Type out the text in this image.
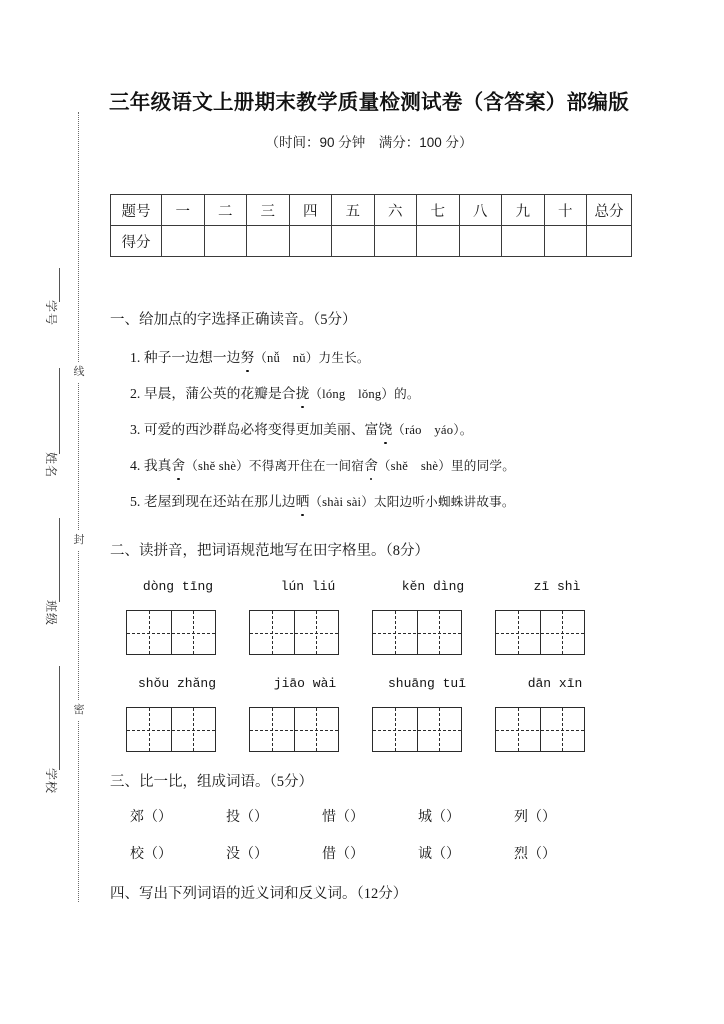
线
封
密
学号
姓名
班级
学校
三年级语文上册期末教学质量检测试卷（含答案）部编版
（时间：90 分钟　满分：100 分）
题号	一	二	三	四	五	六	七	八	九	十	总分
得分											
一、给加点的字选择正确读音。（5分）
1. 种子一边想一边努（nǚ nǔ）力生长。
2. 早晨，蒲公英的花瓣是合拢（lóng lǒng）的。
3. 可爱的西沙群岛必将变得更加美丽、富饶（ráo yáo）。
4. 我真舍（shě shè）不得离开住在一间宿舍（shě shè）里的同学。
5. 老屋到现在还站在那儿边晒（shài sài）太阳边听小蜘蛛讲故事。
二、读拼音，把词语规范地写在田字格里。（8分）
dòng tīng	lún liú	kěn dìng	zī shì
shǒu zhǎng	jiāo wài	shuāng tuī	dān xīn
三、比一比，组成词语。（5分）
郊（）	投（）	惜（）	城（）	列（）
校（）	没（）	借（）	诚（）	烈（）
四、写出下列词语的近义词和反义词。（12分）
